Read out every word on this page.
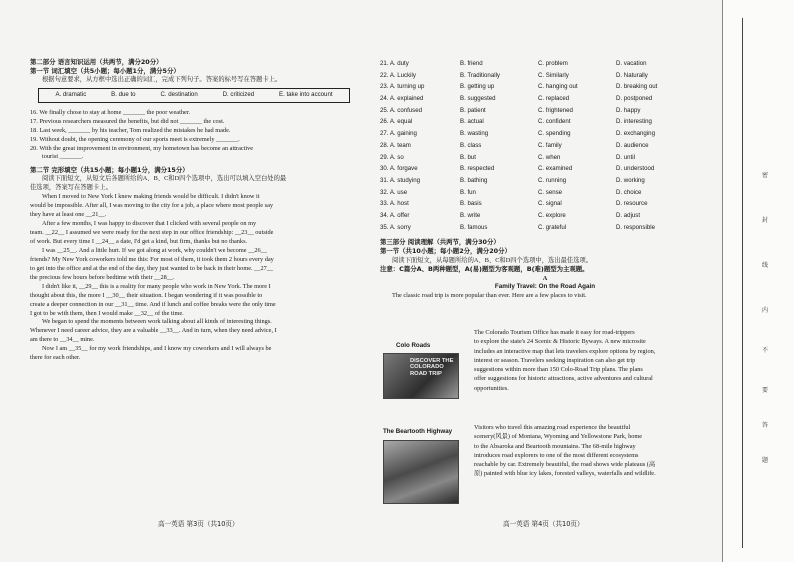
第二部分 语言知识运用（共两节，满分20分）

第一节 词汇填空（共5小题；每小题1分，满分5分）

根据句意要求，从方框中选出正确的词汇，完成下列句子。答案的标号写在答题卡上。

A. dramatic	B. due to	C. destination	D. criticized	E. take into account

16. We finally chose to stay at home _______ the poor weather.

17. Previous researchers measured the benefits, but did not _______ the cost.

18. Last week, _______ by his teacher, Tom realized the mistakes he had made.

19. Without doubt, the opening ceremony of our sports meet is extremely _______.

20. With the great improvement in environment, my hometown has become an attractive

tourist _______.

第二节 完形填空（共15小题；每小题1分，满分15分）

阅读下面短文，从短文后各题所给的A、B、C和D四个选项中，选出可以填入空白处的最

佳选项，答案写在答题卡上。

When I moved to New York I knew making friends would be difficult. I didn't know it

would be impossible. After all, I was moving to the city for a job, a place where most people say

they have at least one __21__.

After a few months, I was happy to discover that I clicked with several people on my

team. __22__ I assumed we were ready for the next step in our office friendship: __23__ outside

of work. But every time I __24__ a date, I'd get a kind, but firm, thanks but no thanks.

I was __25__. And a little hurt. If we got along at work, why couldn't we become __26__

friends? My New York coworkers told me this: For most of them, it took them 2 hours every day

to get into the office and at the end of the day, they just wanted to be back in their home. __27__

the precious few hours before bedtime with their __28__.

I didn't like it, __29__ this is a reality for many people who work in New York. The more I

thought about this, the more I __30__ their situation. I began wondering if it was possible to

create a deeper connection in our __31__ time. And if lunch and coffee breaks were the only time

I got to be with them, then I would make __32__ of the time.

We began to spend the moments between work talking about all kinds of interesting things.

Whenever I need career advice, they are a valuable __33__. And in turn, when they need advice, I

am there to __34__ mine.

Now I am __35__ for my work friendships, and I know my coworkers and I will always be

there for each other.

高一英语 第3页（共10页）
21. A. duty	B. friend	C. problem	D. vacation
22. A. Luckily	B. Traditionally	C. Similarly	D. Naturally
23. A. turning up	B. getting up	C. hanging out	D. breaking out
24. A. explained	B. suggested	C. replaced	D. postponed
25. A. confused	B. patient	C. frightened	D. happy
26. A. equal	B. actual	C. confident	D. interesting
27. A. gaining	B. wasting	C. spending	D. exchanging
28. A. team	B. class	C. family	D. audience
29. A. so	B. but	C. when	D. until
30. A. forgave	B. respected	C. examined	D. understood
31. A. studying	B. bathing	C. running	D. working
32. A. use	B. fun	C. sense	D. choice
33. A. host	B. basis	C. signal	D. resource
34. A. offer	B. write	C. explore	D. adjust
35. A. sorry	B. famous	C. grateful	D. responsible

第三部分 阅读理解（共两节，满分30分）

第一节（共10小题；每小题2分，满分20分）

阅读下面短文，从每题所给的A、B、C和D四个选项中，选出最佳选项。

注意：C篇分A、B两种题型，A(易)题型为客观题，B(难)题型为主观题。

A

Family Travel: On the Road Again

The classic road trip is more popular than ever. Here are a few places to visit.

Colo Roads
DISCOVER THE COLORADO ROAD TRIP
The Colorado Tourism Office has made it easy for road-trippers
to explore the state's 24 Scenic & Historic Byways. A new microsite
includes an interactive map that lets travelers explore options by region,
interest or season. Travelers seeking inspiration can also get trip
suggestions within more than 150 Colo-Road Trip plans. The plans
offer suggestions for historic attractions, active adventures and cultural
opportunities.
The Beartooth Highway
Visitors who travel this amazing road experience the beautiful
scenery(风景) of Montana, Wyoming and Yellowstone Park, home
to the Absaroka and Beartooth mountains. The 68-mile highway
introduces road explorers to one of the most different ecosystems
reachable by car. Extremely beautiful, the road shows wide plateaus (高
原) painted with blue icy lakes, forested valleys, waterfalls and wildlife.
高一英语 第4页（共10页）
密
封
线
内
不
要
答
题
